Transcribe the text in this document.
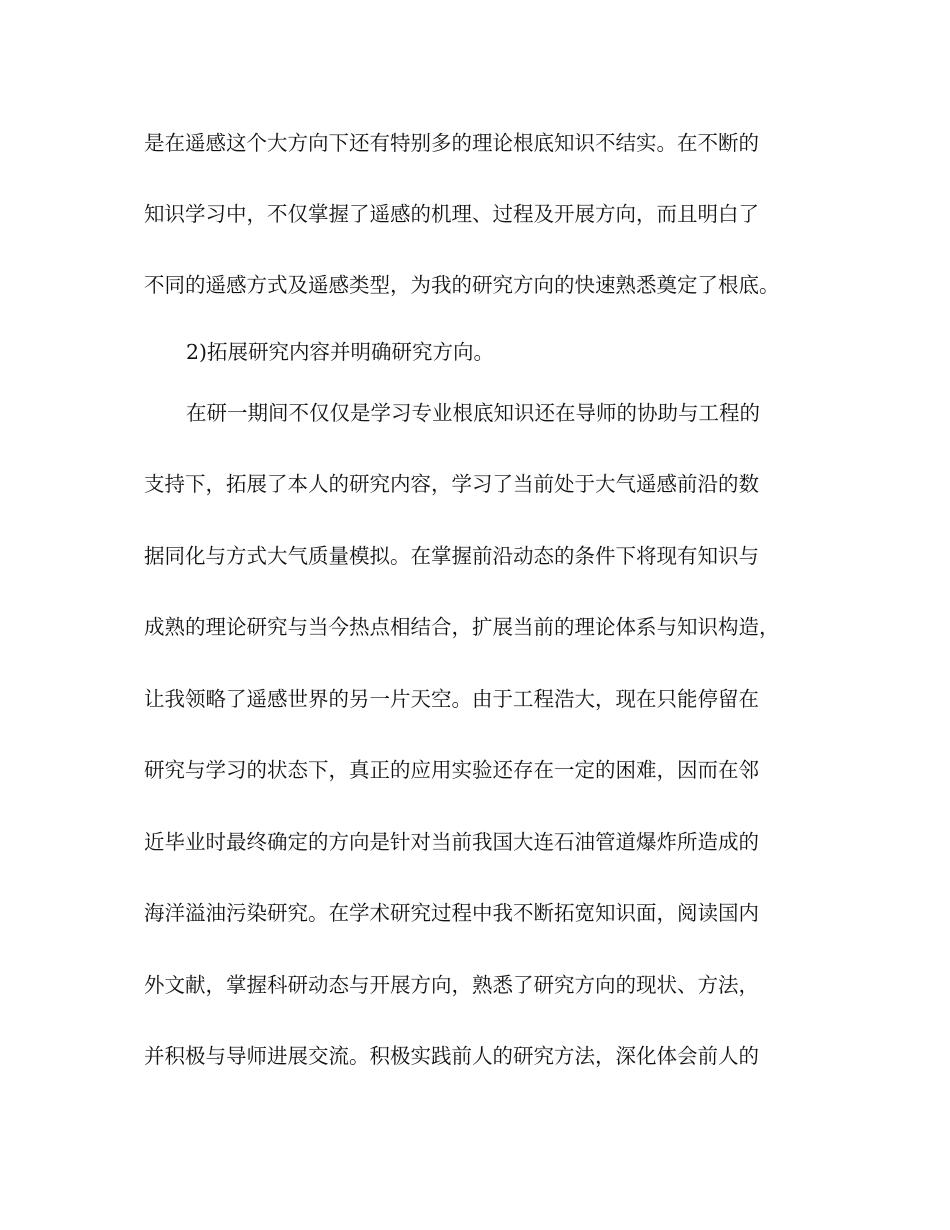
是在遥感这个大方向下还有特别多的理论根底知识不结实。在不断的
知识学习中，不仅掌握了遥感的机理、过程及开展方向，而且明白了
不同的遥感方式及遥感类型，为我的研究方向的快速熟悉奠定了根底。
2)拓展研究内容并明确研究方向。
在研一期间不仅仅是学习专业根底知识还在导师的协助与工程的
支持下，拓展了本人的研究内容，学习了当前处于大气遥感前沿的数
据同化与方式大气质量模拟。在掌握前沿动态的条件下将现有知识与
成熟的理论研究与当今热点相结合，扩展当前的理论体系与知识构造，
让我领略了遥感世界的另一片天空。由于工程浩大，现在只能停留在
研究与学习的状态下，真正的应用实验还存在一定的困难，因而在邻
近毕业时最终确定的方向是针对当前我国大连石油管道爆炸所造成的
海洋溢油污染研究。在学术研究过程中我不断拓宽知识面，阅读国内
外文献，掌握科研动态与开展方向，熟悉了研究方向的现状、方法，
并积极与导师进展交流。积极实践前人的研究方法，深化体会前人的
